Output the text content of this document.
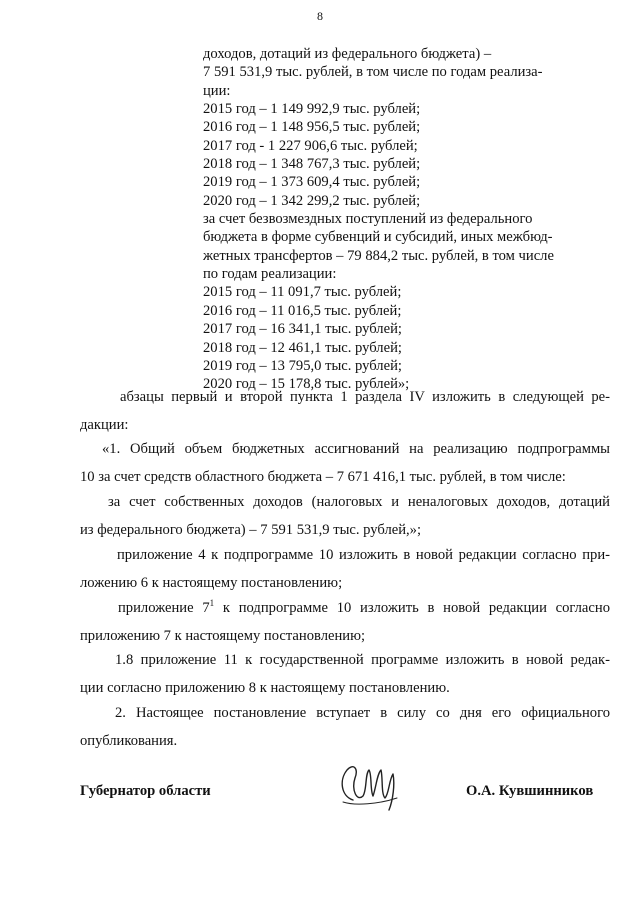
8
доходов, дотаций из федерального бюджета) –
7 591 531,9 тыс. рублей, в том числе по годам реализа-
ции:
2015 год – 1 149 992,9 тыс. рублей;
2016 год – 1 148 956,5 тыс. рублей;
2017 год - 1 227 906,6 тыс. рублей;
2018 год – 1 348 767,3 тыс. рублей;
2019 год – 1 373 609,4 тыс. рублей;
2020 год – 1 342 299,2 тыс. рублей;
за счет безвозмездных поступлений из федерального
бюджета в форме субвенций и субсидий, иных межбюд-
жетных трансфертов – 79 884,2 тыс. рублей, в том числе
по годам реализации:
2015 год – 11 091,7 тыс. рублей;
2016 год – 11 016,5 тыс. рублей;
2017 год – 16 341,1 тыс. рублей;
2018 год – 12 461,1 тыс. рублей;
2019 год – 13 795,0 тыс. рублей;
2020 год – 15 178,8 тыс. рублей»;
абзацы первый и второй пункта 1 раздела IV изложить в следующей ре-
дакции:
«1. Общий объем бюджетных ассигнований на реализацию подпрограммы
10 за счет средств областного бюджета – 7 671 416,1 тыс. рублей, в том числе:
за счет собственных доходов (налоговых и неналоговых доходов, дотаций
из федерального бюджета) – 7 591 531,9 тыс. рублей,»;
приложение 4 к подпрограмме 10 изложить в новой редакции согласно при-
ложению 6 к настоящему постановлению;
приложение $7^1$ к подпрограмме 10 изложить в новой редакции согласно
приложению 7 к настоящему постановлению;
1.8 приложение 11 к государственной программе изложить в новой редак-
ции согласно приложению 8 к настоящему постановлению.
2. Настоящее постановление вступает в силу со дня его официального
опубликования.
Губернатор области	О.А. Кувшинников
